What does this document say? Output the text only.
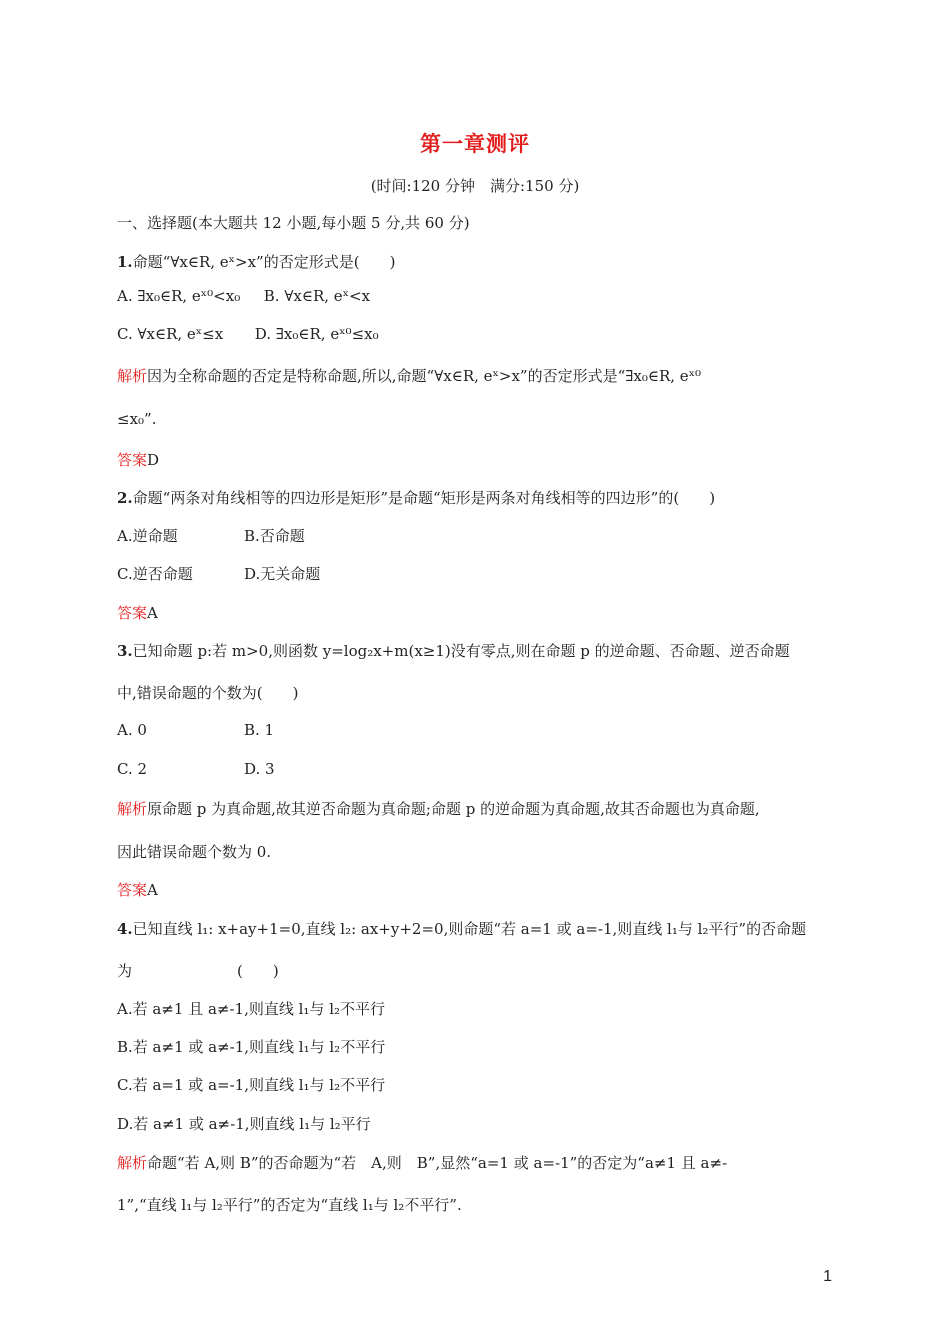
第一章测评
(时间:120 分钟　满分:150 分)
一、选择题(本大题共 12 小题,每小题 5 分,共 60 分)
1.命题“∀x∈R, eˣ>x”的否定形式是(　　)
A. ∃x₀∈R, eˣ⁰<x₀ B. ∀x∈R, eˣ<x
C. ∀x∈R, eˣ≤x D. ∃x₀∈R, eˣ⁰≤x₀
解析因为全称命题的否定是特称命题,所以,命题“∀x∈R, eˣ>x”的否定形式是“∃x₀∈R, eˣ⁰
≤x₀”.
答案D
2.命题“两条对角线相等的四边形是矩形”是命题“矩形是两条对角线相等的四边形”的(　　)
A.逆命题	B.否命题
C.逆否命题	D.无关命题
答案A
3.已知命题 p:若 m>0,则函数 y=log₂x+m(x≥1)没有零点,则在命题 p 的逆命题、否命题、逆否命题
中,错误命题的个数为(　　)
A. 0	B. 1
C. 2	D. 3
解析原命题 p 为真命题,故其逆否命题为真命题;命题 p 的逆命题为真命题,故其否命题也为真命题,
因此错误命题个数为 0.
答案A
4.已知直线 l₁: x+ay+1=0,直线 l₂: ax+y+2=0,则命题“若 a=1 或 a=-1,则直线 l₁与 l₂平行”的否命题
为　　　　　　　(　　)
A.若 a≠1 且 a≠-1,则直线 l₁与 l₂不平行
B.若 a≠1 或 a≠-1,则直线 l₁与 l₂不平行
C.若 a=1 或 a=-1,则直线 l₁与 l₂不平行
D.若 a≠1 或 a≠-1,则直线 l₁与 l₂平行
解析命题“若 A,则 B”的否命题为“若　A,则　B”,显然“a=1 或 a=-1”的否定为“a≠1 且 a≠-
1”,“直线 l₁与 l₂平行”的否定为“直线 l₁与 l₂不平行”.
1
